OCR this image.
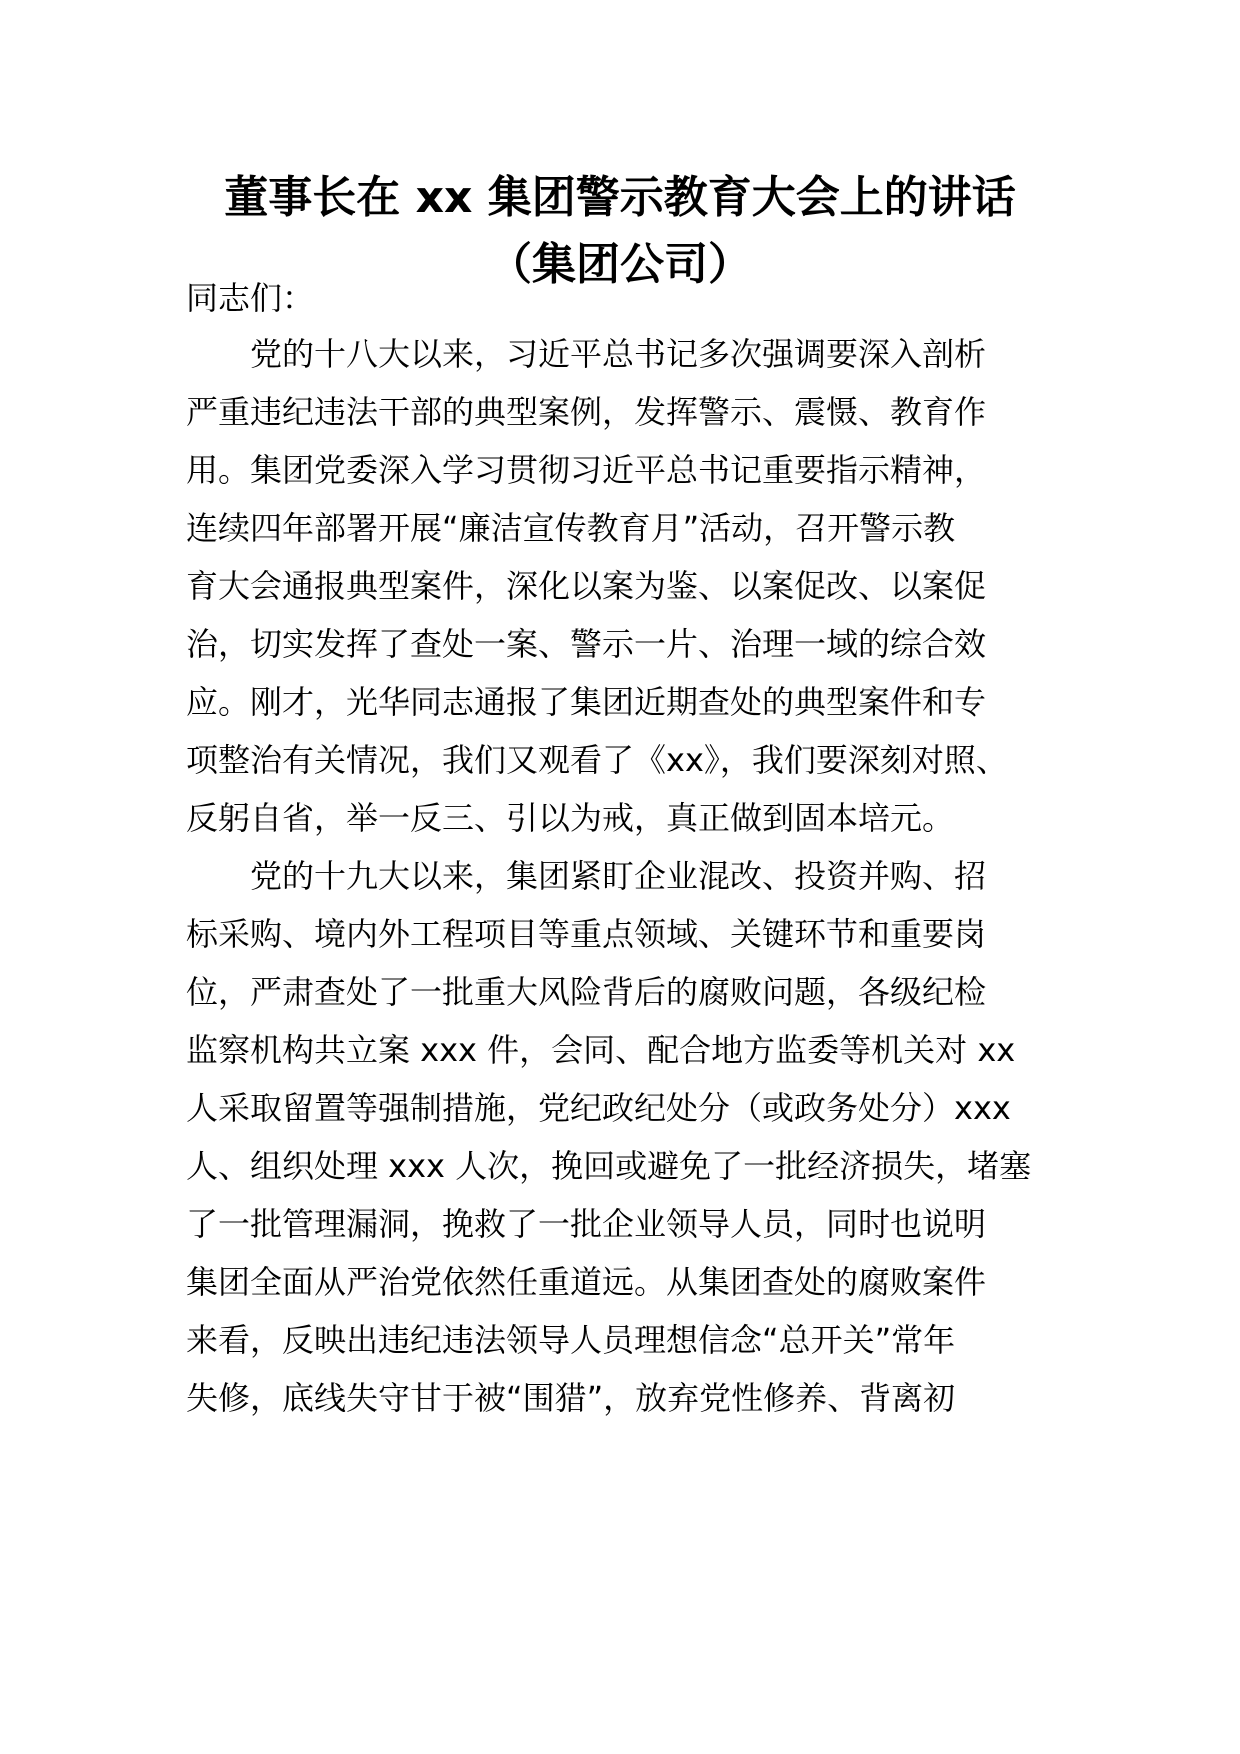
董事长在 xx 集团警示教育大会上的讲话
（集团公司）
同志们：
党的十八大以来，习近平总书记多次强调要深入剖析
严重违纪违法干部的典型案例，发挥警示、震慑、教育作
用。集团党委深入学习贯彻习近平总书记重要指示精神，
连续四年部署开展“廉洁宣传教育月”活动，召开警示教
育大会通报典型案件，深化以案为鉴、以案促改、以案促
治，切实发挥了查处一案、警示一片、治理一域的综合效
应。刚才，光华同志通报了集团近期查处的典型案件和专
项整治有关情况，我们又观看了《xx》，我们要深刻对照、
反躬自省，举一反三、引以为戒，真正做到固本培元。
党的十九大以来，集团紧盯企业混改、投资并购、招
标采购、境内外工程项目等重点领域、关键环节和重要岗
位，严肃查处了一批重大风险背后的腐败问题，各级纪检
监察机构共立案 xxx 件，会同、配合地方监委等机关对 xx
人采取留置等强制措施，党纪政纪处分（或政务处分）xxx
人、组织处理 xxx 人次，挽回或避免了一批经济损失，堵塞
了一批管理漏洞，挽救了一批企业领导人员，同时也说明
集团全面从严治党依然任重道远。从集团查处的腐败案件
来看，反映出违纪违法领导人员理想信念“总开关”常年
失修，底线失守甘于被“围猎”，放弃党性修养、背离初
